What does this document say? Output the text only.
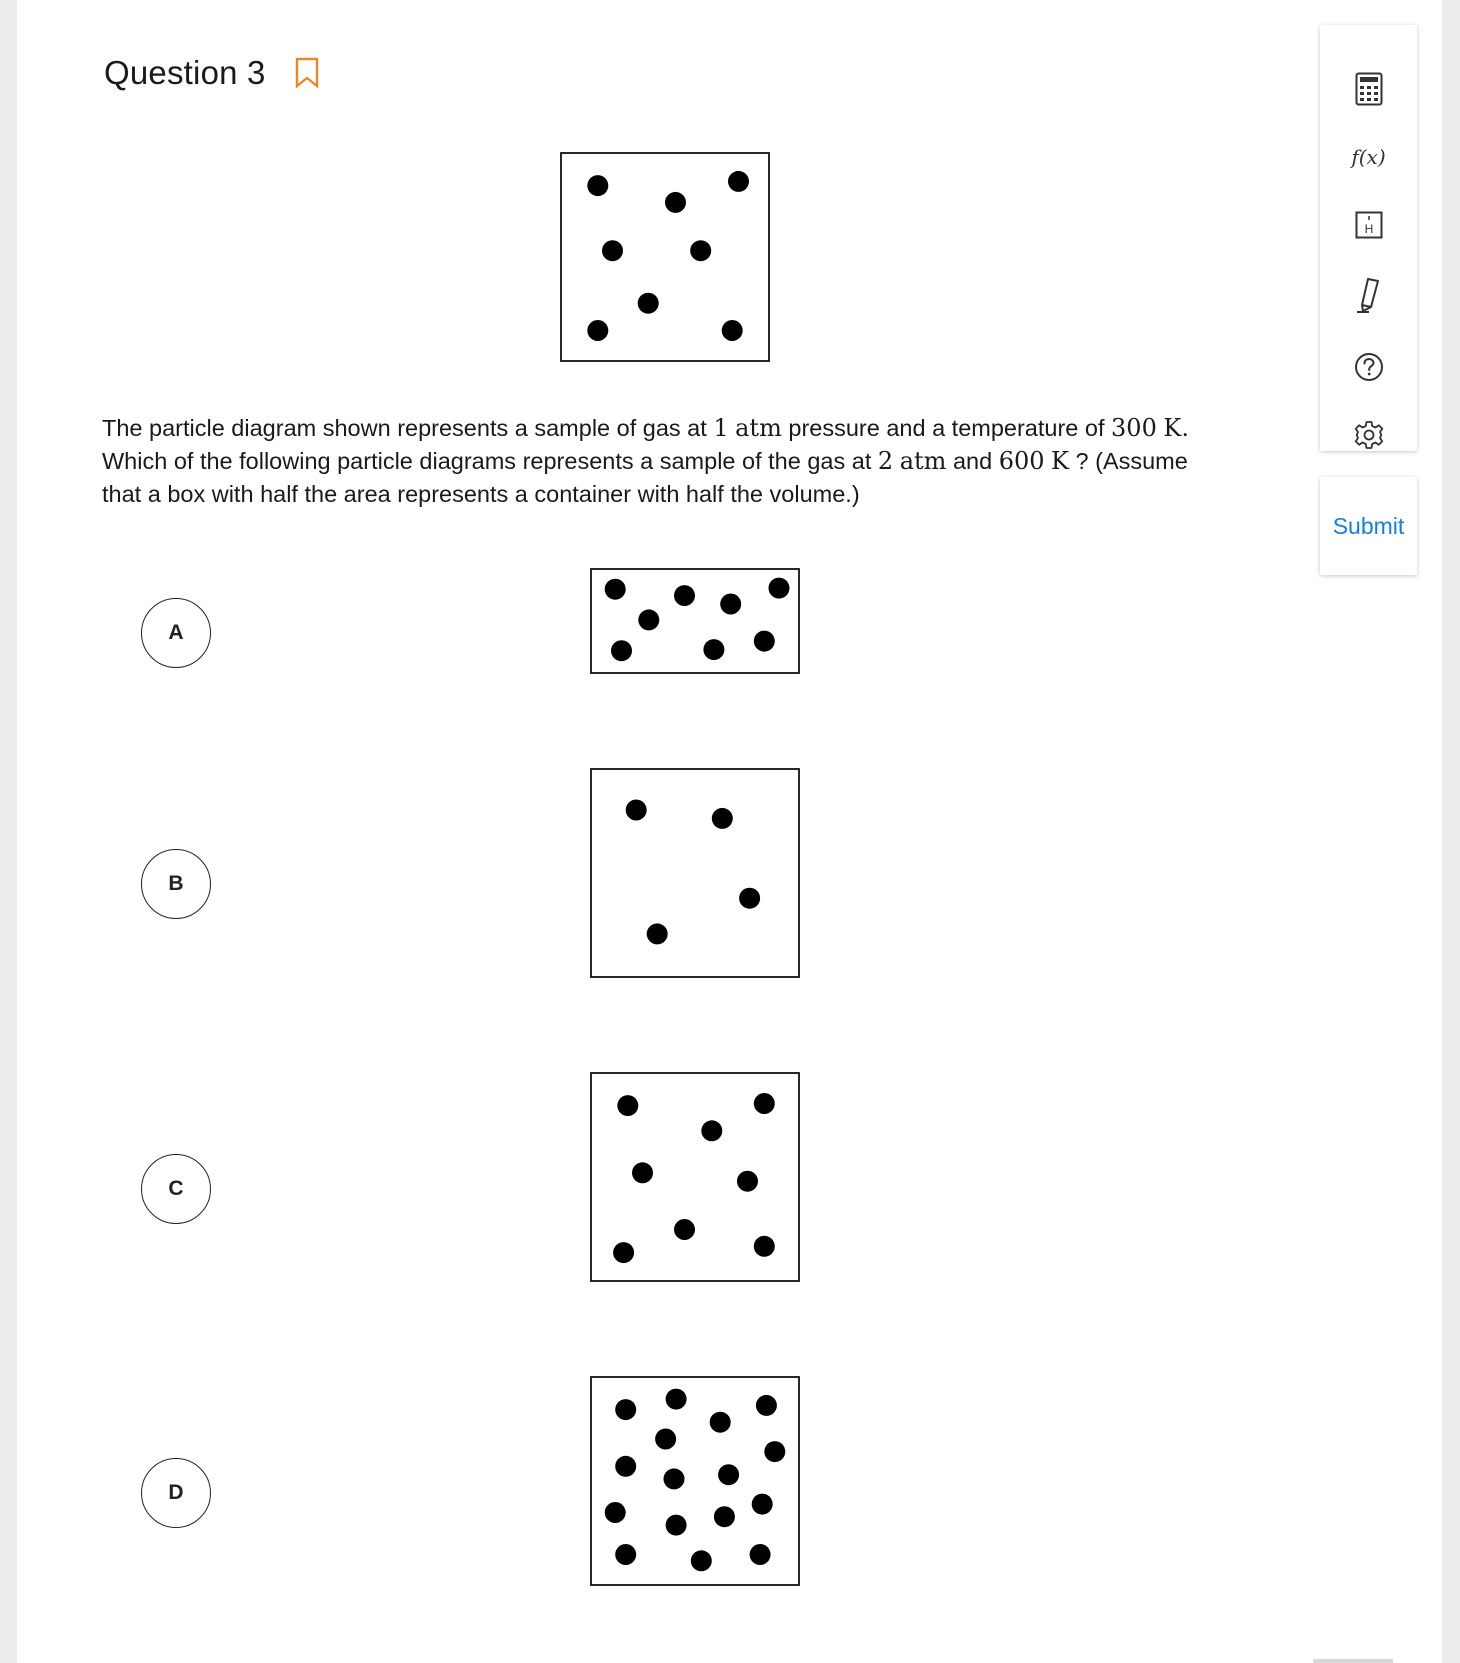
Question 3
The particle diagram shown represents a sample of gas at 1 atm pressure and a temperature of 300 K.
Which of the following particle diagrams represents a sample of the gas at 2 atm and 600 K ? (Assume
that a box with half the area represents a container with half the volume.)
A
B
C
D
f(x)
H
Submit
